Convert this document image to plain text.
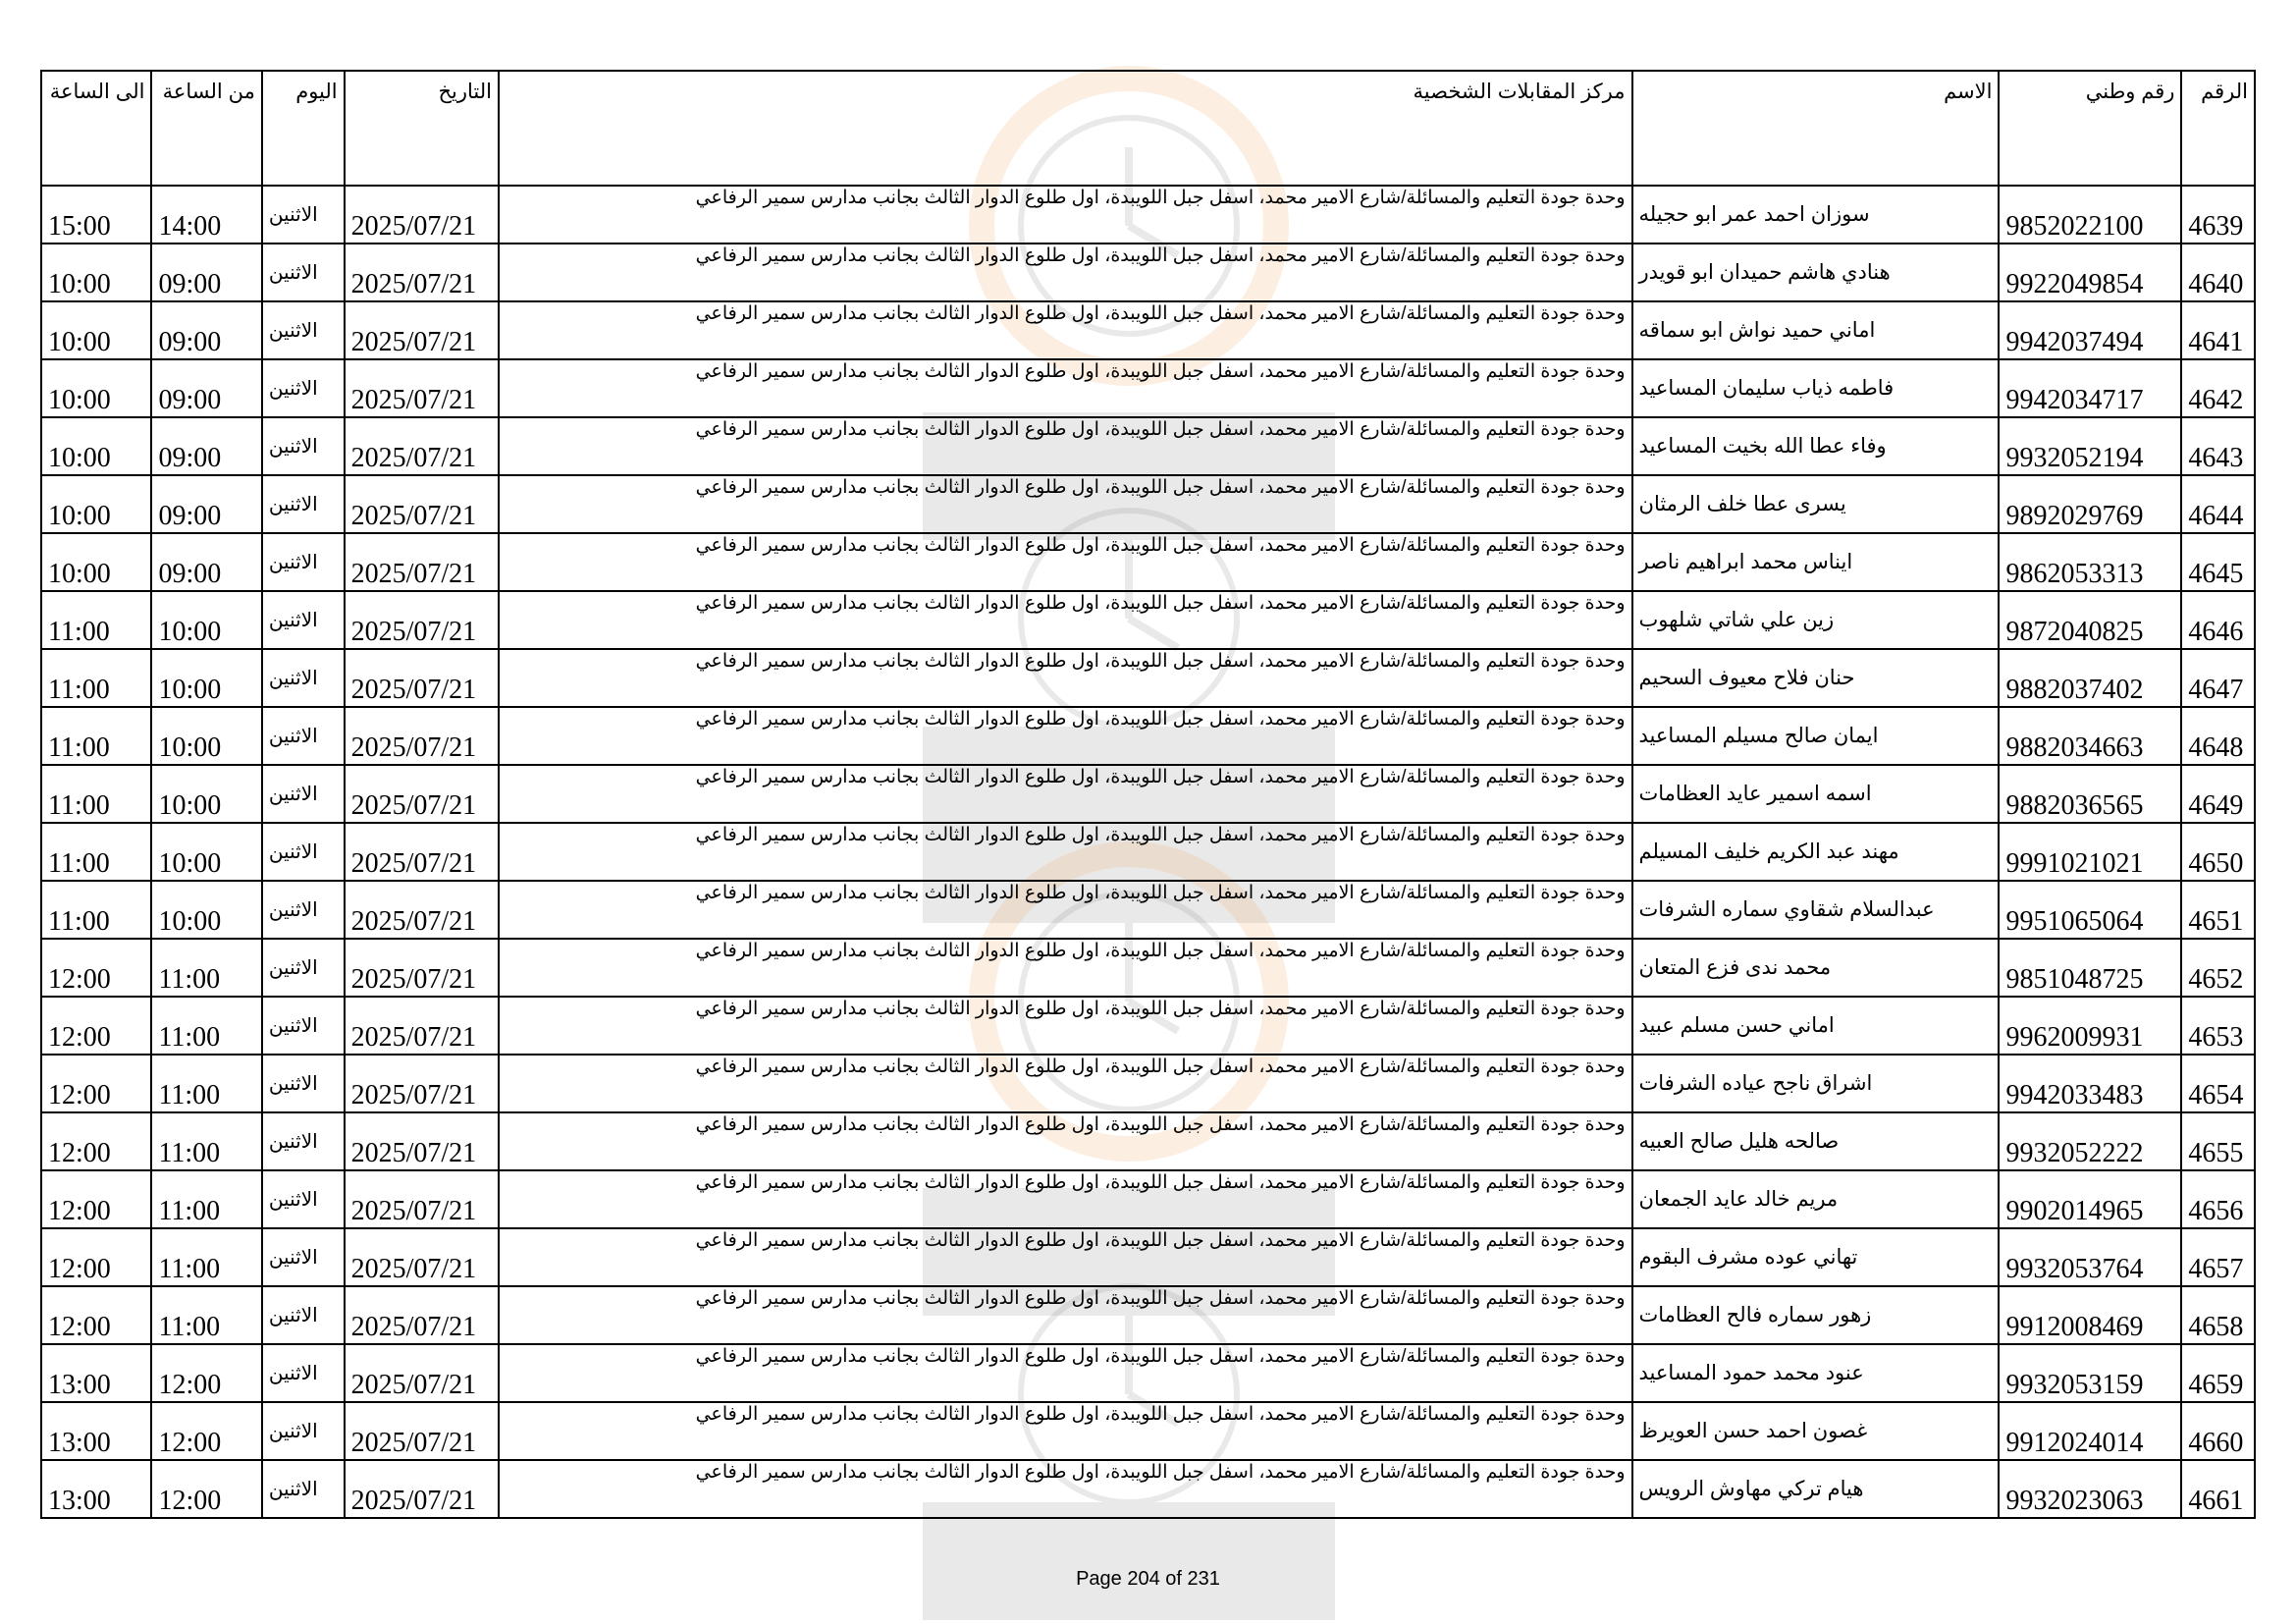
الرقم	رقم وطني	الاسم	مركز المقابلات الشخصية	التاريخ	اليوم	من الساعة	الى الساعة
4639	9852022100	سوزان احمد عمر ابو حجيله	وحدة جودة التعليم والمسائلة/شارع الامير محمد، اسفل جبل اللويبدة، اول طلوع الدوار الثالث بجانب مدارس سمير الرفاعي	2025/07/21	الاثنين	14:00	15:00
4640	9922049854	هنادي هاشم حميدان ابو قويدر	وحدة جودة التعليم والمسائلة/شارع الامير محمد، اسفل جبل اللويبدة، اول طلوع الدوار الثالث بجانب مدارس سمير الرفاعي	2025/07/21	الاثنين	09:00	10:00
4641	9942037494	اماني حميد نواش ابو سماقه	وحدة جودة التعليم والمسائلة/شارع الامير محمد، اسفل جبل اللويبدة، اول طلوع الدوار الثالث بجانب مدارس سمير الرفاعي	2025/07/21	الاثنين	09:00	10:00
4642	9942034717	فاطمه ذياب سليمان المساعيد	وحدة جودة التعليم والمسائلة/شارع الامير محمد، اسفل جبل اللويبدة، اول طلوع الدوار الثالث بجانب مدارس سمير الرفاعي	2025/07/21	الاثنين	09:00	10:00
4643	9932052194	وفاء عطا الله بخيت المساعيد	وحدة جودة التعليم والمسائلة/شارع الامير محمد، اسفل جبل اللويبدة، اول طلوع الدوار الثالث بجانب مدارس سمير الرفاعي	2025/07/21	الاثنين	09:00	10:00
4644	9892029769	يسرى عطا خلف الرمثان	وحدة جودة التعليم والمسائلة/شارع الامير محمد، اسفل جبل اللويبدة، اول طلوع الدوار الثالث بجانب مدارس سمير الرفاعي	2025/07/21	الاثنين	09:00	10:00
4645	9862053313	ايناس محمد ابراهيم ناصر	وحدة جودة التعليم والمسائلة/شارع الامير محمد، اسفل جبل اللويبدة، اول طلوع الدوار الثالث بجانب مدارس سمير الرفاعي	2025/07/21	الاثنين	09:00	10:00
4646	9872040825	زين علي شاتي شلهوب	وحدة جودة التعليم والمسائلة/شارع الامير محمد، اسفل جبل اللويبدة، اول طلوع الدوار الثالث بجانب مدارس سمير الرفاعي	2025/07/21	الاثنين	10:00	11:00
4647	9882037402	حنان فلاح معيوف السحيم	وحدة جودة التعليم والمسائلة/شارع الامير محمد، اسفل جبل اللويبدة، اول طلوع الدوار الثالث بجانب مدارس سمير الرفاعي	2025/07/21	الاثنين	10:00	11:00
4648	9882034663	ايمان صالح مسيلم المساعيد	وحدة جودة التعليم والمسائلة/شارع الامير محمد، اسفل جبل اللويبدة، اول طلوع الدوار الثالث بجانب مدارس سمير الرفاعي	2025/07/21	الاثنين	10:00	11:00
4649	9882036565	اسمه اسمير عايد العظامات	وحدة جودة التعليم والمسائلة/شارع الامير محمد، اسفل جبل اللويبدة، اول طلوع الدوار الثالث بجانب مدارس سمير الرفاعي	2025/07/21	الاثنين	10:00	11:00
4650	9991021021	مهند عبد الكريم خليف المسيلم	وحدة جودة التعليم والمسائلة/شارع الامير محمد، اسفل جبل اللويبدة، اول طلوع الدوار الثالث بجانب مدارس سمير الرفاعي	2025/07/21	الاثنين	10:00	11:00
4651	9951065064	عبدالسلام شقاوي سماره الشرفات	وحدة جودة التعليم والمسائلة/شارع الامير محمد، اسفل جبل اللويبدة، اول طلوع الدوار الثالث بجانب مدارس سمير الرفاعي	2025/07/21	الاثنين	10:00	11:00
4652	9851048725	محمد ندى فزع المتعان	وحدة جودة التعليم والمسائلة/شارع الامير محمد، اسفل جبل اللويبدة، اول طلوع الدوار الثالث بجانب مدارس سمير الرفاعي	2025/07/21	الاثنين	11:00	12:00
4653	9962009931	اماني حسن مسلم عبيد	وحدة جودة التعليم والمسائلة/شارع الامير محمد، اسفل جبل اللويبدة، اول طلوع الدوار الثالث بجانب مدارس سمير الرفاعي	2025/07/21	الاثنين	11:00	12:00
4654	9942033483	اشراق ناجح عياده الشرفات	وحدة جودة التعليم والمسائلة/شارع الامير محمد، اسفل جبل اللويبدة، اول طلوع الدوار الثالث بجانب مدارس سمير الرفاعي	2025/07/21	الاثنين	11:00	12:00
4655	9932052222	صالحه هليل صالح العبيه	وحدة جودة التعليم والمسائلة/شارع الامير محمد، اسفل جبل اللويبدة، اول طلوع الدوار الثالث بجانب مدارس سمير الرفاعي	2025/07/21	الاثنين	11:00	12:00
4656	9902014965	مريم خالد عايد الجمعان	وحدة جودة التعليم والمسائلة/شارع الامير محمد، اسفل جبل اللويبدة، اول طلوع الدوار الثالث بجانب مدارس سمير الرفاعي	2025/07/21	الاثنين	11:00	12:00
4657	9932053764	تهاني عوده مشرف البقوم	وحدة جودة التعليم والمسائلة/شارع الامير محمد، اسفل جبل اللويبدة، اول طلوع الدوار الثالث بجانب مدارس سمير الرفاعي	2025/07/21	الاثنين	11:00	12:00
4658	9912008469	زهور سماره فالح العظامات	وحدة جودة التعليم والمسائلة/شارع الامير محمد، اسفل جبل اللويبدة، اول طلوع الدوار الثالث بجانب مدارس سمير الرفاعي	2025/07/21	الاثنين	11:00	12:00
4659	9932053159	عنود محمد حمود المساعيد	وحدة جودة التعليم والمسائلة/شارع الامير محمد، اسفل جبل اللويبدة، اول طلوع الدوار الثالث بجانب مدارس سمير الرفاعي	2025/07/21	الاثنين	12:00	13:00
4660	9912024014	غصون احمد حسن العويرظ	وحدة جودة التعليم والمسائلة/شارع الامير محمد، اسفل جبل اللويبدة، اول طلوع الدوار الثالث بجانب مدارس سمير الرفاعي	2025/07/21	الاثنين	12:00	13:00
4661	9932023063	هيام تركي مهاوش الرويس	وحدة جودة التعليم والمسائلة/شارع الامير محمد، اسفل جبل اللويبدة، اول طلوع الدوار الثالث بجانب مدارس سمير الرفاعي	2025/07/21	الاثنين	12:00	13:00
Page 204 of 231
